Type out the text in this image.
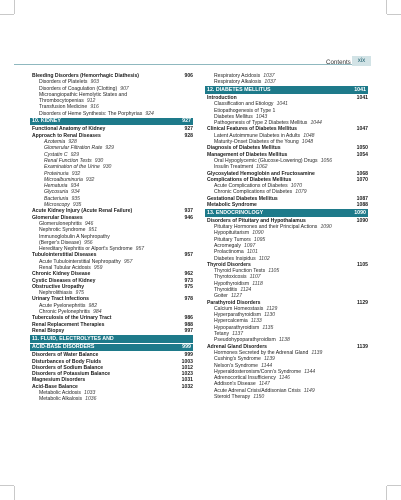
Contents	xix
Bleeding Disorders (Hemorrhagic Diathesis)	906
Disorders of Platelets   903
Disorders of Coagulation (Clotting)   907
Microangiopathic Hemolytic States and
Thrombocytopenias   912
Transfusion Medicine   916
Disorders of Heme Synthesis: The Porphyrias   924
10. KIDNEY	927
Functional Anatomy of Kidney	927
Approach to Renal Diseases	928
Azotemia   928
Glomerular Filtration Rate   929
Cystatin C   929
Renal Function Tests   930
Examination of the Urine   930
Proteinuria   932
Microalbuminuria   932
Hematuria   934
Glycosuria   934
Bacteriuria   935
Microscopy   935
Acute Kidney Injury (Acute Renal Failure)	937
Glomerular Diseases	946
Glomerulonephritis   946
Nephrotic Syndrome   951
Immunoglobulin A Nephropathy
(Berger's Disease)   956
Hereditary Nephritis or Alport's Syndrome   957
Tubulointerstitial Diseases	957
Acute Tubulointerstitial Nephropathy   957
Renal Tubular Acidosis   959
Chronic Kidney Disease	962
Cystic Diseases of Kidney	973
Obstructive Uropathy	975
Nephrolithiasis   975
Urinary Tract Infections	978
Acute Pyelonephritis   982
Chronic Pyelonephritis   984
Tuberculosis of the Urinary Tract	986
Renal Replacement Therapies	988
Renal Biopsy	997
11. FLUID, ELECTROLYTES AND
ACID-BASE DISORDERS	999
Disorders of Water Balance	999
Disturbances of Body Fluids	1003
Disorders of Sodium Balance	1012
Disorders of Potassium Balance	1023
Magnesium Disorders	1031
Acid-Base Balance	1032
Metabolic Acidosis   1033
Metabolic Alkalosis   1036
Respiratory Acidosis   1037
Respiratory Alkalosis   1037
12. DIABETES MELLITUS	1041
Introduction	1041
Classification and Etiology   1041
Etiopathogenesis of Type 1
Diabetes Mellitus   1043
Pathogenesis of Type 2 Diabetes Mellitus   1044
Clinical Features of Diabetes Mellitus	1047
Latent Autoimmune Diabetes in Adults   1048
Maturity-Onset Diabetes of the Young   1048
Diagnosis of Diabetes Mellitus	1050
Management of Diabetes Mellitus	1054
Oral Hypoglycemic (Glucose-Lowering) Drugs   1056
Insulin Treatment   1062
Glycosylated Hemoglobin and Fructosamine	1068
Complications of Diabetes Mellitus	1070
Acute Complications of Diabetes   1070
Chronic Complications of Diabetes   1079
Gestational Diabetes Mellitus	1087
Metabolic Syndrome	1088
13. ENDOCRINOLOGY	1090
Disorders of Pituitary and Hypothalamus	1090
Pituitary Hormones and their Principal Actions   1090
Hypopituitarism   1090
Pituitary Tumors   1095
Acromegaly   1097
Prolactinoma   1101
Diabetes Insipidus   1102
Thyroid Disorders	1105
Thyroid Function Tests   1105
Thyrotoxicosis   1107
Hypothyroidism   1118
Thyroiditis   1124
Goiter   1127
Parathyroid Disorders	1129
Calcium Homeostasis   1129
Hyperparathyroidism   1130
Hypercalcemia   1133
Hypoparathyroidism   1135
Tetany   1137
Pseudohypoparathyroidism   1138
Adrenal Gland Disorders	1139
Hormones Secreted by the Adrenal Gland   1139
Cushing's Syndrome   1139
Nelson's Syndrome   1144
Hyperaldosteronism/Conn's Syndrome   1144
Adrenocortical Insufficiency   1146
Addison's Disease   1147
Acute Adrenal Crisis/Addisonian Crisis   1149
Steroid Therapy   1150
